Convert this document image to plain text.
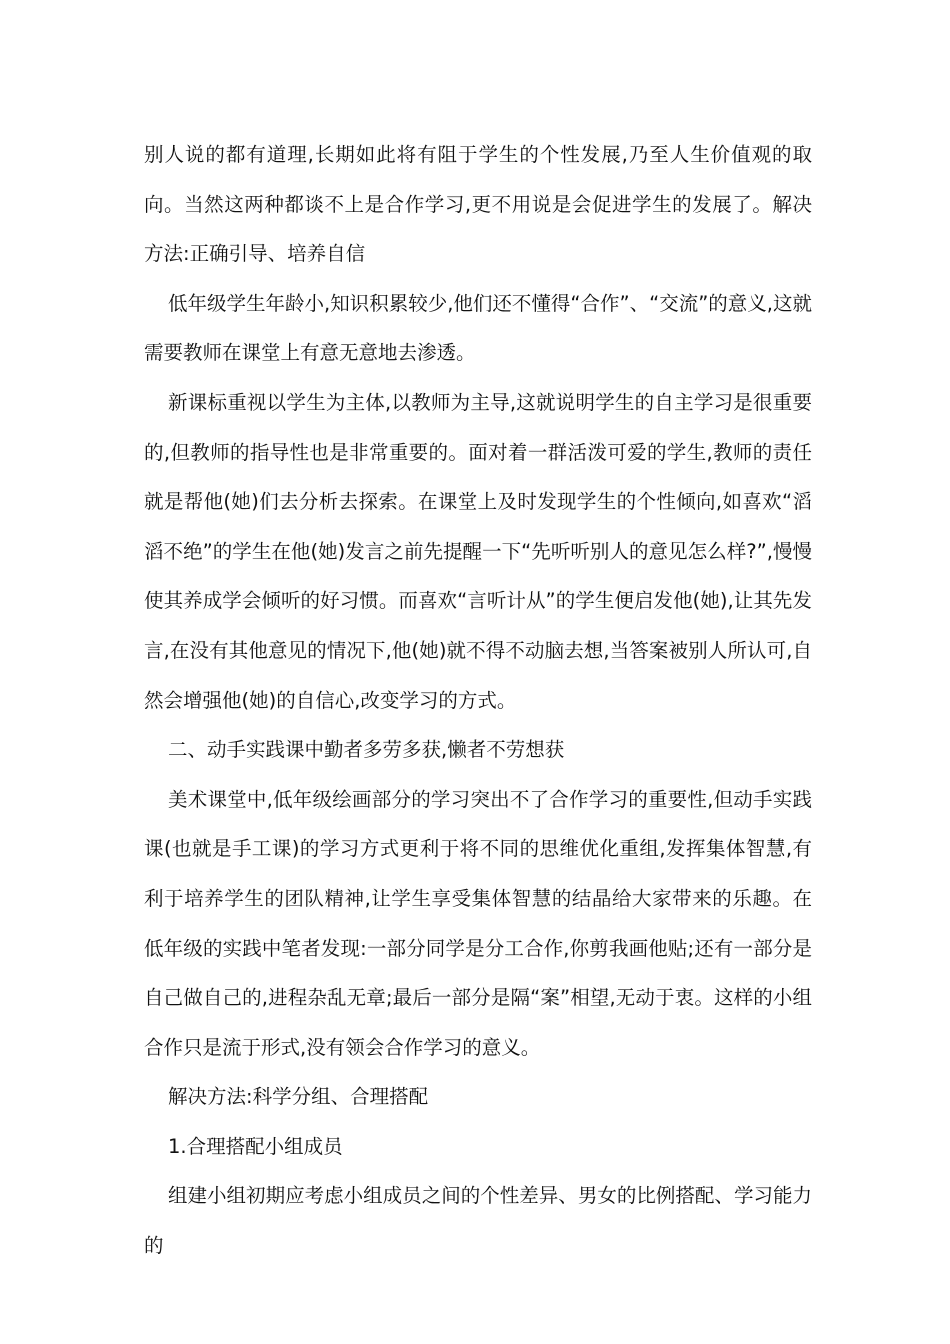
别人说的都有道理,长期如此将有阻于学生的个性发展,乃至人生价值观的取向。当然这两种都谈不上是合作学习,更不用说是会促进学生的发展了。解决方法:正确引导、培养自信

低年级学生年龄小,知识积累较少,他们还不懂得“合作”、“交流”的意义,这就需要教师在课堂上有意无意地去渗透。

新课标重视以学生为主体,以教师为主导,这就说明学生的自主学习是很重要的,但教师的指导性也是非常重要的。面对着一群活泼可爱的学生,教师的责任就是帮他(她)们去分析去探索。在课堂上及时发现学生的个性倾向,如喜欢“滔滔不绝”的学生在他(她)发言之前先提醒一下“先听听别人的意见怎么样?”,慢慢使其养成学会倾听的好习惯。而喜欢“言听计从”的学生便启发他(她),让其先发言,在没有其他意见的情况下,他(她)就不得不动脑去想,当答案被别人所认可,自然会增强他(她)的自信心,改变学习的方式。

二、动手实践课中勤者多劳多获,懒者不劳想获

美术课堂中,低年级绘画部分的学习突出不了合作学习的重要性,但动手实践课(也就是手工课)的学习方式更利于将不同的思维优化重组,发挥集体智慧,有利于培养学生的团队精神,让学生享受集体智慧的结晶给大家带来的乐趣。在低年级的实践中笔者发现:一部分同学是分工合作,你剪我画他贴;还有一部分是自己做自己的,进程杂乱无章;最后一部分是隔“案”相望,无动于衷。这样的小组合作只是流于形式,没有领会合作学习的意义。

解决方法:科学分组、合理搭配

1.合理搭配小组成员

组建小组初期应考虑小组成员之间的个性差异、男女的比例搭配、学习能力的
